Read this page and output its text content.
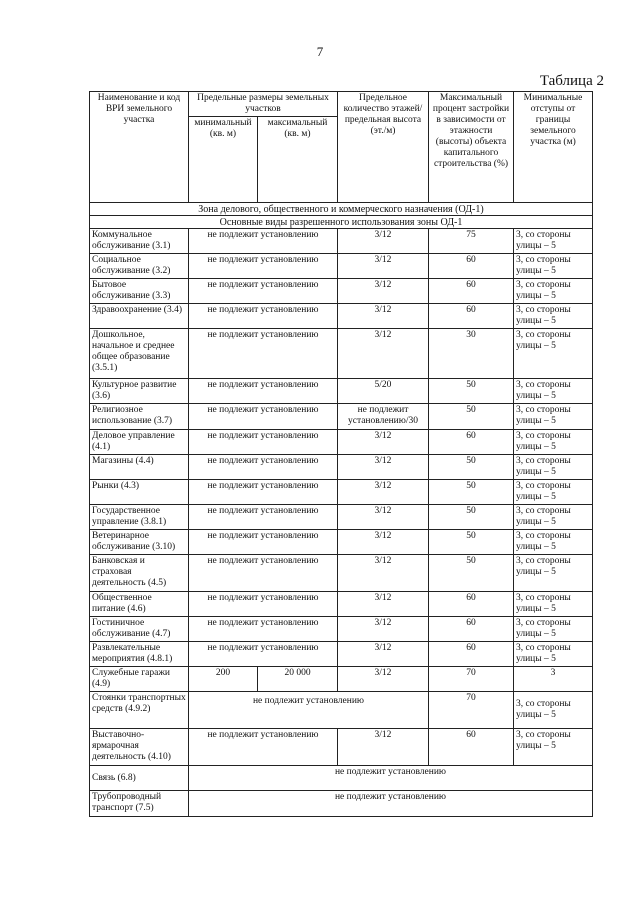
7
Таблица 2
Наименование и код ВРИ земельного участка	Предельные размеры земельных участков		Предельное количество этажей/предельная высота (эт./м)	Максимальный процент застройки в зависимости от этажности (высоты) объекта капитального строительства (%)	Минимальные отступы от границы земельного участка (м)
	минимальный (кв. м)	максимальный (кв. м)			
Зона делового, общественного и коммерческого назначения (ОД-1)					
Основные виды разрешенного использования зоны ОД-1					
Коммунальное обслуживание (3.1)	не подлежит установлению		3/12	75	3, со стороны улицы – 5
Социальное обслуживание (3.2)	не подлежит установлению		3/12	60	3, со стороны улицы – 5
Бытовое обслуживание (3.3)	не подлежит установлению		3/12	60	3, со стороны улицы – 5
Здравоохранение (3.4)	не подлежит установлению		3/12	60	3, со стороны улицы – 5
Дошкольное, начальное и среднее общее образование (3.5.1)	не подлежит установлению		3/12	30	3, со стороны улицы – 5
Культурное развитие (3.6)	не подлежит установлению		5/20	50	3, со стороны улицы – 5
Религиозное использование (3.7)	не подлежит установлению		не подлежит установлению/30	50	3, со стороны улицы – 5
Деловое управление (4.1)	не подлежит установлению		3/12	60	3, со стороны улицы – 5
Магазины (4.4)	не подлежит установлению		3/12	50	3, со стороны улицы – 5
Рынки (4.3)	не подлежит установлению		3/12	50	3, со стороны улицы – 5
Государственное управление (3.8.1)	не подлежит установлению		3/12	50	3, со стороны улицы – 5
Ветеринарное обслуживание (3.10)	не подлежит установлению		3/12	50	3, со стороны улицы – 5
Банковская и страховая деятельность (4.5)	не подлежит установлению		3/12	50	3, со стороны улицы – 5
Общественное питание (4.6)	не подлежит установлению		3/12	60	3, со стороны улицы – 5
Гостиничное обслуживание (4.7)	не подлежит установлению		3/12	60	3, со стороны улицы – 5
Развлекательные мероприятия (4.8.1)	не подлежит установлению		3/12	60	3, со стороны улицы – 5
Служебные гаражи (4.9)	200	20 000	3/12	70	3
Стоянки транспортных средств (4.9.2)	не подлежит установлению			70	3, со стороны улицы – 5
Выставочно-ярмарочная деятельность (4.10)	не подлежит установлению		3/12	60	3, со стороны улицы – 5
Связь (6.8)	не подлежит установлению				
Трубопроводный транспорт (7.5)	не подлежит установлению				
